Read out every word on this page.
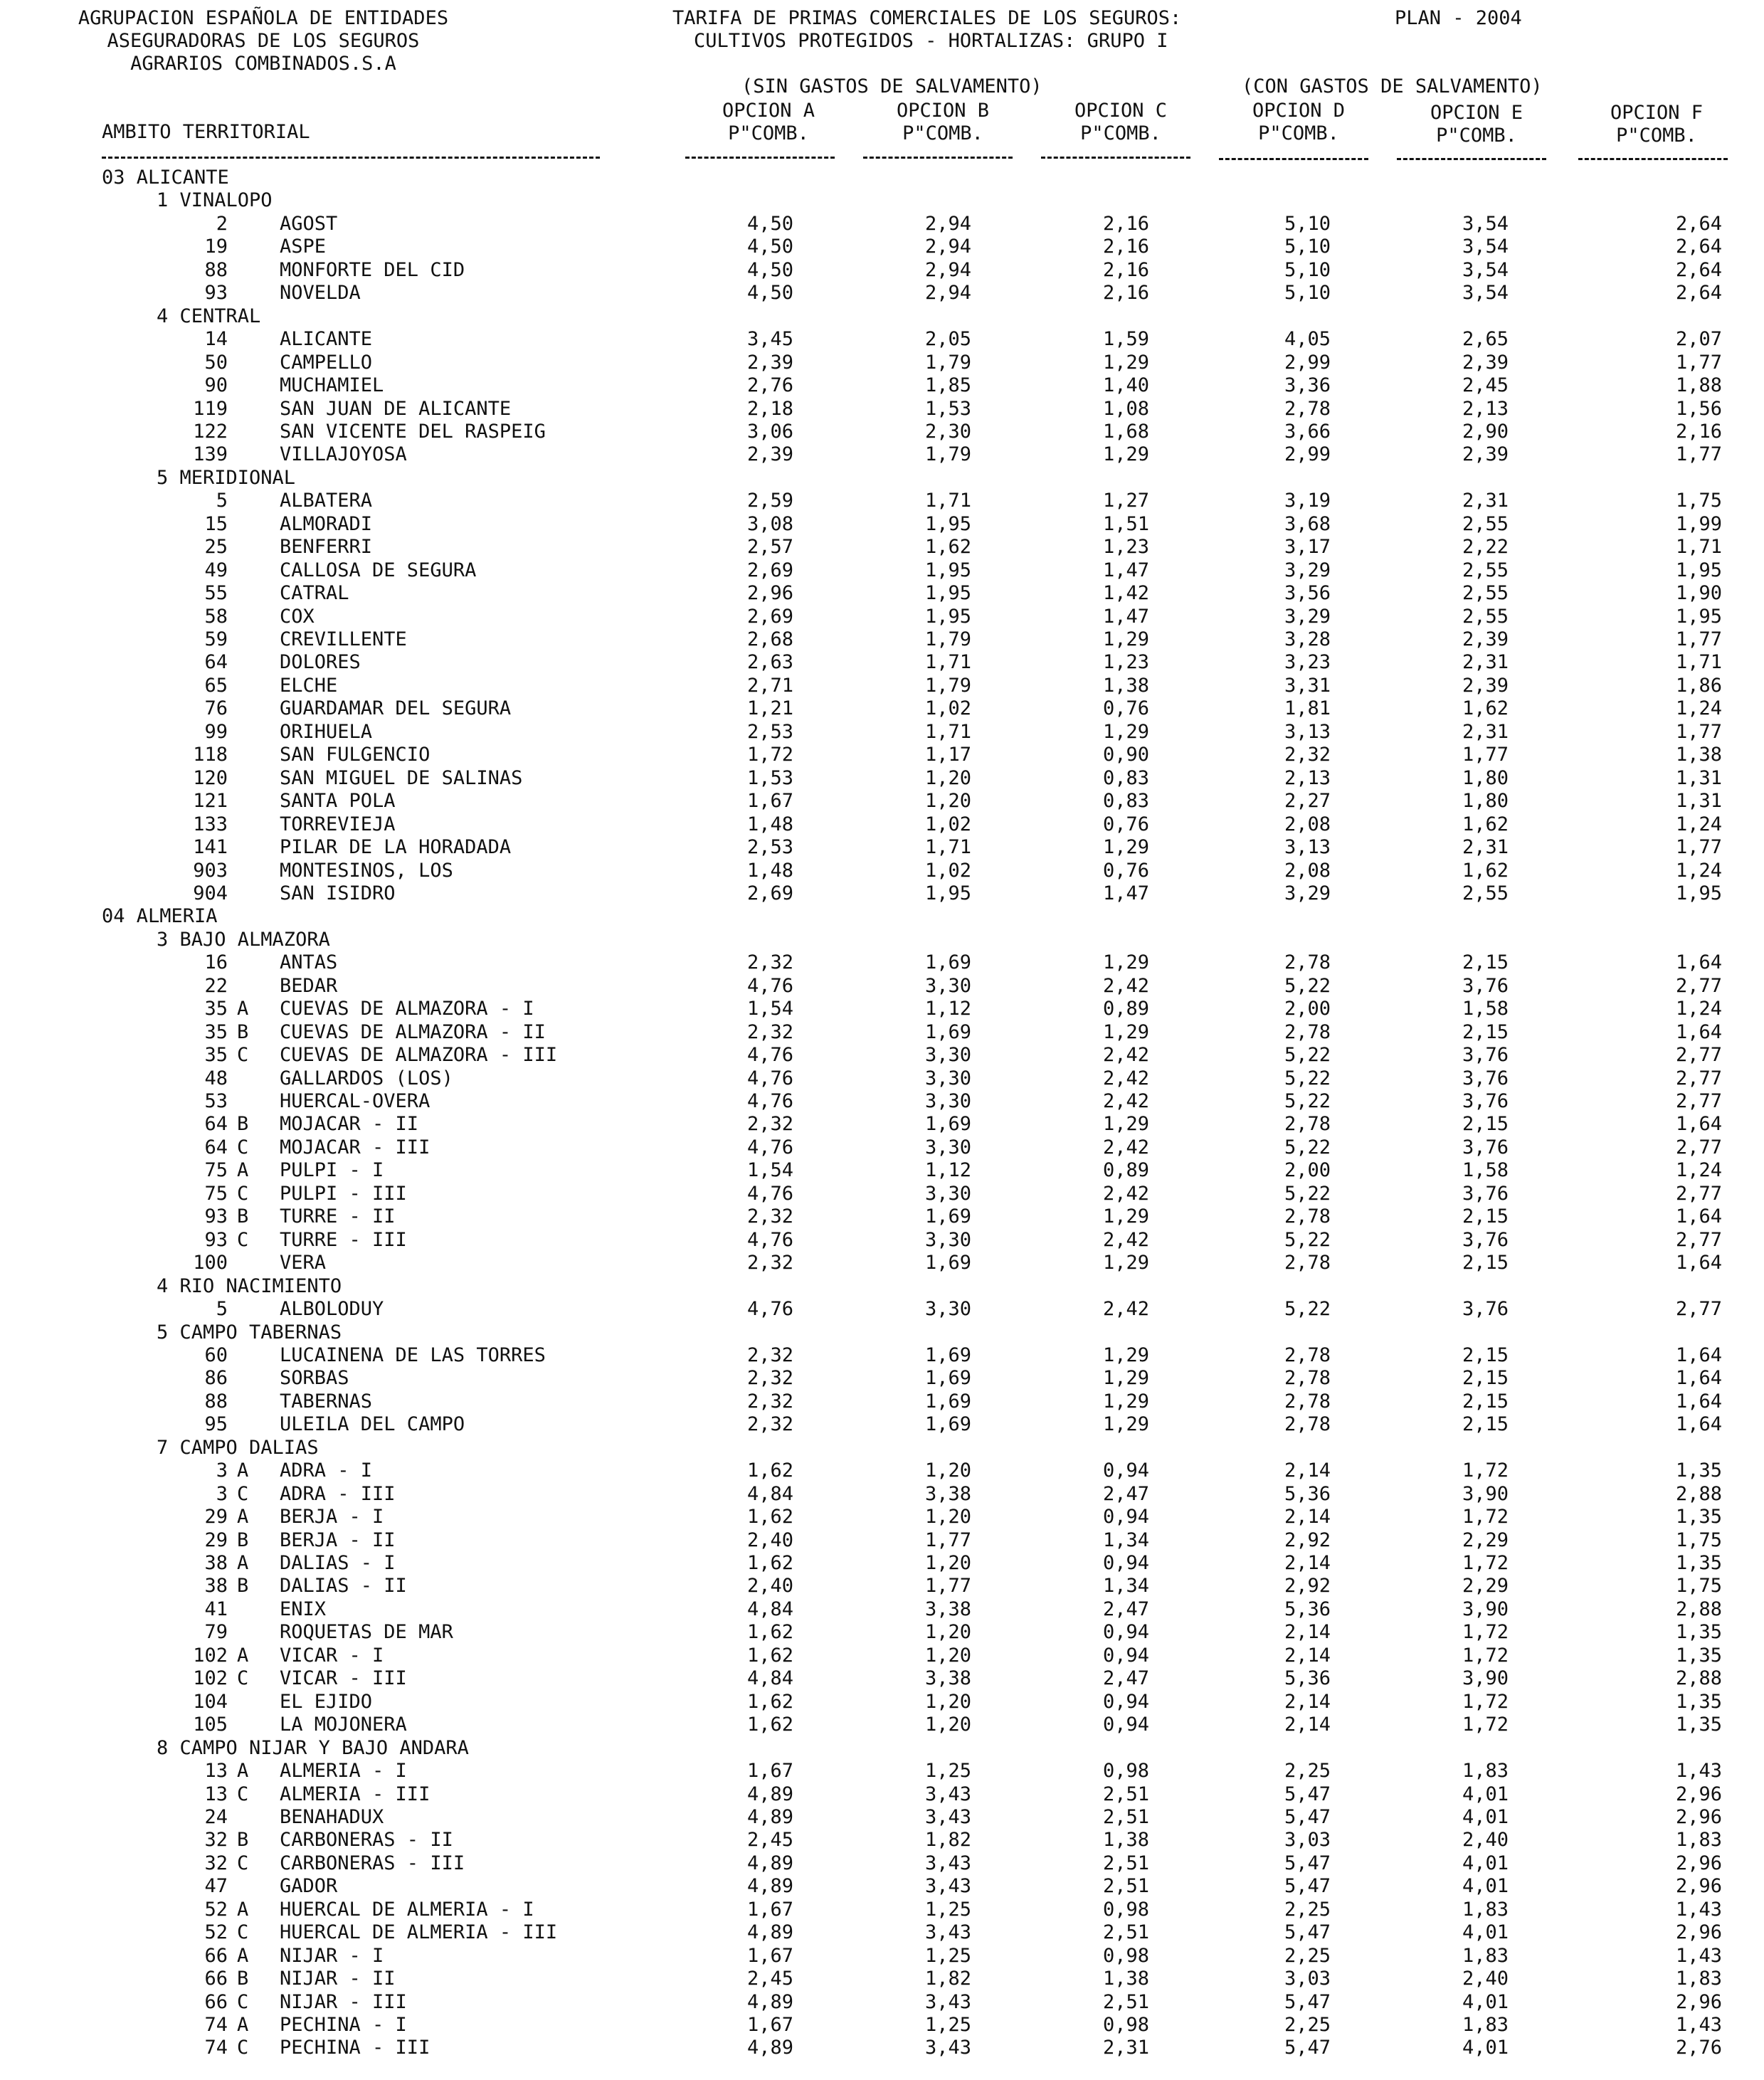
AGRUPACION ESPAÑOLA DE ENTIDADES
ASEGURADORAS DE LOS SEGUROS
AGRARIOS COMBINADOS.S.A
TARIFA DE PRIMAS COMERCIALES DE LOS SEGUROS:
CULTIVOS PROTEGIDOS - HORTALIZAS: GRUPO I
PLAN - 2004
(SIN GASTOS DE SALVAMENTO)	(CON GASTOS DE SALVAMENTO)
OPCION A	OPCION B	OPCION C	OPCION D	OPCION E	OPCION F
AMBITO TERRITORIAL	P"COMB.	P"COMB.	P"COMB.	P"COMB.	P"COMB.	P"COMB.
03 ALICANTE
1 VINALOPO
2	AGOST	4,50	2,94	2,16	5,10	3,54	2,64
19	ASPE	4,50	2,94	2,16	5,10	3,54	2,64
88	MONFORTE DEL CID	4,50	2,94	2,16	5,10	3,54	2,64
93	NOVELDA	4,50	2,94	2,16	5,10	3,54	2,64
4 CENTRAL
14	ALICANTE	3,45	2,05	1,59	4,05	2,65	2,07
50	CAMPELLO	2,39	1,79	1,29	2,99	2,39	1,77
90	MUCHAMIEL	2,76	1,85	1,40	3,36	2,45	1,88
119	SAN JUAN DE ALICANTE	2,18	1,53	1,08	2,78	2,13	1,56
122	SAN VICENTE DEL RASPEIG	3,06	2,30	1,68	3,66	2,90	2,16
139	VILLAJOYOSA	2,39	1,79	1,29	2,99	2,39	1,77
5 MERIDIONAL
5	ALBATERA	2,59	1,71	1,27	3,19	2,31	1,75
15	ALMORADI	3,08	1,95	1,51	3,68	2,55	1,99
25	BENFERRI	2,57	1,62	1,23	3,17	2,22	1,71
49	CALLOSA DE SEGURA	2,69	1,95	1,47	3,29	2,55	1,95
55	CATRAL	2,96	1,95	1,42	3,56	2,55	1,90
58	COX	2,69	1,95	1,47	3,29	2,55	1,95
59	CREVILLENTE	2,68	1,79	1,29	3,28	2,39	1,77
64	DOLORES	2,63	1,71	1,23	3,23	2,31	1,71
65	ELCHE	2,71	1,79	1,38	3,31	2,39	1,86
76	GUARDAMAR DEL SEGURA	1,21	1,02	0,76	1,81	1,62	1,24
99	ORIHUELA	2,53	1,71	1,29	3,13	2,31	1,77
118	SAN FULGENCIO	1,72	1,17	0,90	2,32	1,77	1,38
120	SAN MIGUEL DE SALINAS	1,53	1,20	0,83	2,13	1,80	1,31
121	SANTA POLA	1,67	1,20	0,83	2,27	1,80	1,31
133	TORREVIEJA	1,48	1,02	0,76	2,08	1,62	1,24
141	PILAR DE LA HORADADA	2,53	1,71	1,29	3,13	2,31	1,77
903	MONTESINOS, LOS	1,48	1,02	0,76	2,08	1,62	1,24
904	SAN ISIDRO	2,69	1,95	1,47	3,29	2,55	1,95
04 ALMERIA
3 BAJO ALMAZORA
16	ANTAS	2,32	1,69	1,29	2,78	2,15	1,64
22	BEDAR	4,76	3,30	2,42	5,22	3,76	2,77
35 A CUEVAS DE ALMAZORA - I	1,54	1,12	0,89	2,00	1,58	1,24
35 B CUEVAS DE ALMAZORA - II	2,32	1,69	1,29	2,78	2,15	1,64
35 C CUEVAS DE ALMAZORA - III	4,76	3,30	2,42	5,22	3,76	2,77
48	GALLARDOS (LOS)	4,76	3,30	2,42	5,22	3,76	2,77
53	HUERCAL-OVERA	4,76	3,30	2,42	5,22	3,76	2,77
64 B MOJACAR - II	2,32	1,69	1,29	2,78	2,15	1,64
64 C MOJACAR - III	4,76	3,30	2,42	5,22	3,76	2,77
75 A PULPI - I	1,54	1,12	0,89	2,00	1,58	1,24
75 C PULPI - III	4,76	3,30	2,42	5,22	3,76	2,77
93 B TURRE - II	2,32	1,69	1,29	2,78	2,15	1,64
93 C TURRE - III	4,76	3,30	2,42	5,22	3,76	2,77
100	VERA	2,32	1,69	1,29	2,78	2,15	1,64
4 RIO NACIMIENTO
5	ALBOLODUY	4,76	3,30	2,42	5,22	3,76	2,77
5 CAMPO TABERNAS
60	LUCAINENA DE LAS TORRES	2,32	1,69	1,29	2,78	2,15	1,64
86	SORBAS	2,32	1,69	1,29	2,78	2,15	1,64
88	TABERNAS	2,32	1,69	1,29	2,78	2,15	1,64
95	ULEILA DEL CAMPO	2,32	1,69	1,29	2,78	2,15	1,64
7 CAMPO DALIAS
3 A ADRA - I	1,62	1,20	0,94	2,14	1,72	1,35
3 C ADRA - III	4,84	3,38	2,47	5,36	3,90	2,88
29 A BERJA - I	1,62	1,20	0,94	2,14	1,72	1,35
29 B BERJA - II	2,40	1,77	1,34	2,92	2,29	1,75
38 A DALIAS - I	1,62	1,20	0,94	2,14	1,72	1,35
38 B DALIAS - II	2,40	1,77	1,34	2,92	2,29	1,75
41	ENIX	4,84	3,38	2,47	5,36	3,90	2,88
79	ROQUETAS DE MAR	1,62	1,20	0,94	2,14	1,72	1,35
102 A VICAR - I	1,62	1,20	0,94	2,14	1,72	1,35
102 C VICAR - III	4,84	3,38	2,47	5,36	3,90	2,88
104	EL EJIDO	1,62	1,20	0,94	2,14	1,72	1,35
105	LA MOJONERA	1,62	1,20	0,94	2,14	1,72	1,35
8 CAMPO NIJAR Y BAJO ANDARA
13 A ALMERIA - I	1,67	1,25	0,98	2,25	1,83	1,43
13 C ALMERIA - III	4,89	3,43	2,51	5,47	4,01	2,96
24	BENAHADUX	4,89	3,43	2,51	5,47	4,01	2,96
32 B CARBONERAS - II	2,45	1,82	1,38	3,03	2,40	1,83
32 C CARBONERAS - III	4,89	3,43	2,51	5,47	4,01	2,96
47	GADOR	4,89	3,43	2,51	5,47	4,01	2,96
52 A HUERCAL DE ALMERIA - I	1,67	1,25	0,98	2,25	1,83	1,43
52 C HUERCAL DE ALMERIA - III	4,89	3,43	2,51	5,47	4,01	2,96
66 A NIJAR - I	1,67	1,25	0,98	2,25	1,83	1,43
66 B NIJAR - II	2,45	1,82	1,38	3,03	2,40	1,83
66 C NIJAR - III	4,89	3,43	2,51	5,47	4,01	2,96
74 A PECHINA - I	1,67	1,25	0,98	2,25	1,83	1,43
74 C PECHINA - III	4,89	3,43	2,31	5,47	4,01	2,76
